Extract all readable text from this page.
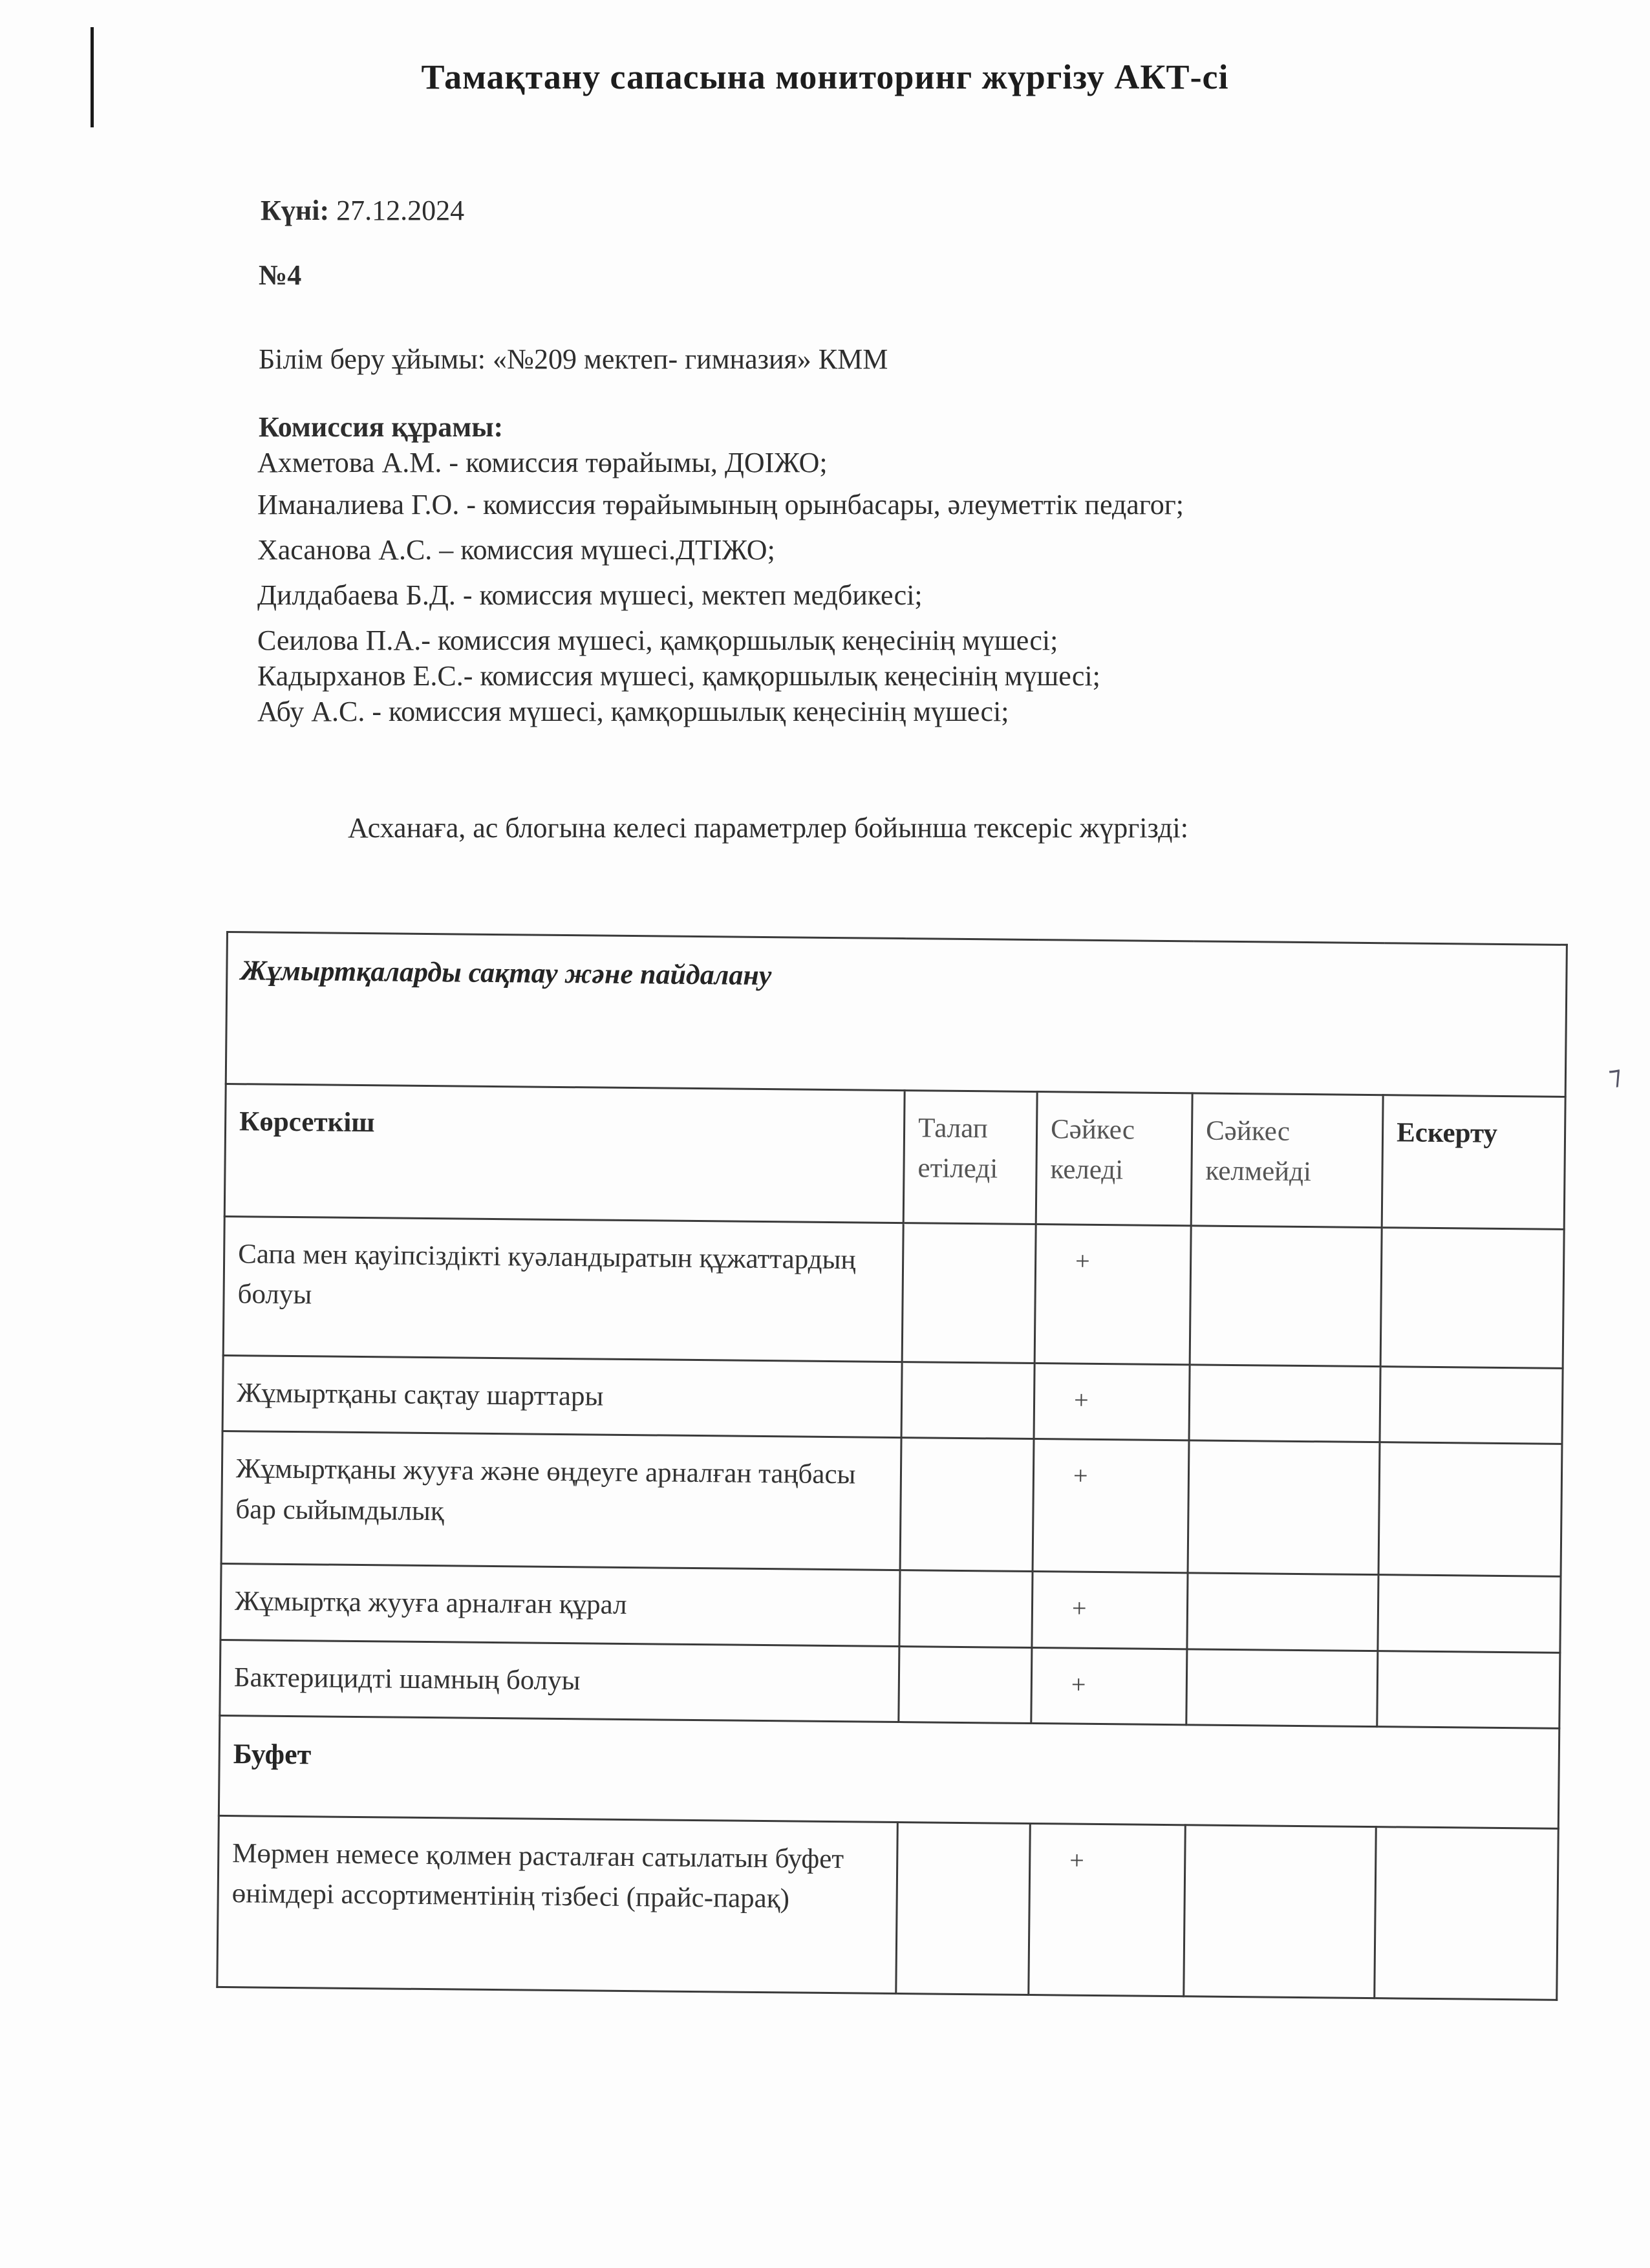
Тамақтану сапасына мониторинг жүргізу АКТ-сі
Күні: 27.12.2024
№4
Білім беру ұйымы: «№209 мектеп- гимназия» КММ
Комиссия құрамы:
Ахметова А.М. - комиссия төрайымы, ДОІЖО;
Иманалиева Г.О. - комиссия төрайымының орынбасары, әлеуметтік педагог;
Хасанова А.С. – комиссия мүшесі.ДТІЖО;
Дилдабаева Б.Д. - комиссия мүшесі, мектеп медбикесі;
Сеилова П.А.- комиссия мүшесі, қамқоршылық кеңесінің мүшесі;
Кадырханов Е.С.- комиссия мүшесі, қамқоршылық кеңесінің мүшесі;
Абу А.С. - комиссия мүшесі, қамқоршылық кеңесінің мүшесі;
Асханаға, ас блогына келесі параметрлер бойынша тексеріс жүргізді:
Жұмыртқаларды сақтау және пайдалану				
Көрсеткіш	Талап етіледі	Сәйкес келеді	Сәйкес келмейді	Ескерту
Сапа мен қауіпсіздікті куәландыратын құжаттардың болуы		+		
Жұмыртқаны сақтау шарттары		+		
Жұмыртқаны жууға және өңдеуге арналған таңбасы бар сыйымдылық		+		
Жұмыртқа жууға арналған құрал		+		
Бактерицидті шамның болуы		+		
Буфет				
Мөрмен немесе қолмен расталған сатылатын буфет өнімдері ассортиментінің тізбесі (прайс-парақ)		+		
⁊
